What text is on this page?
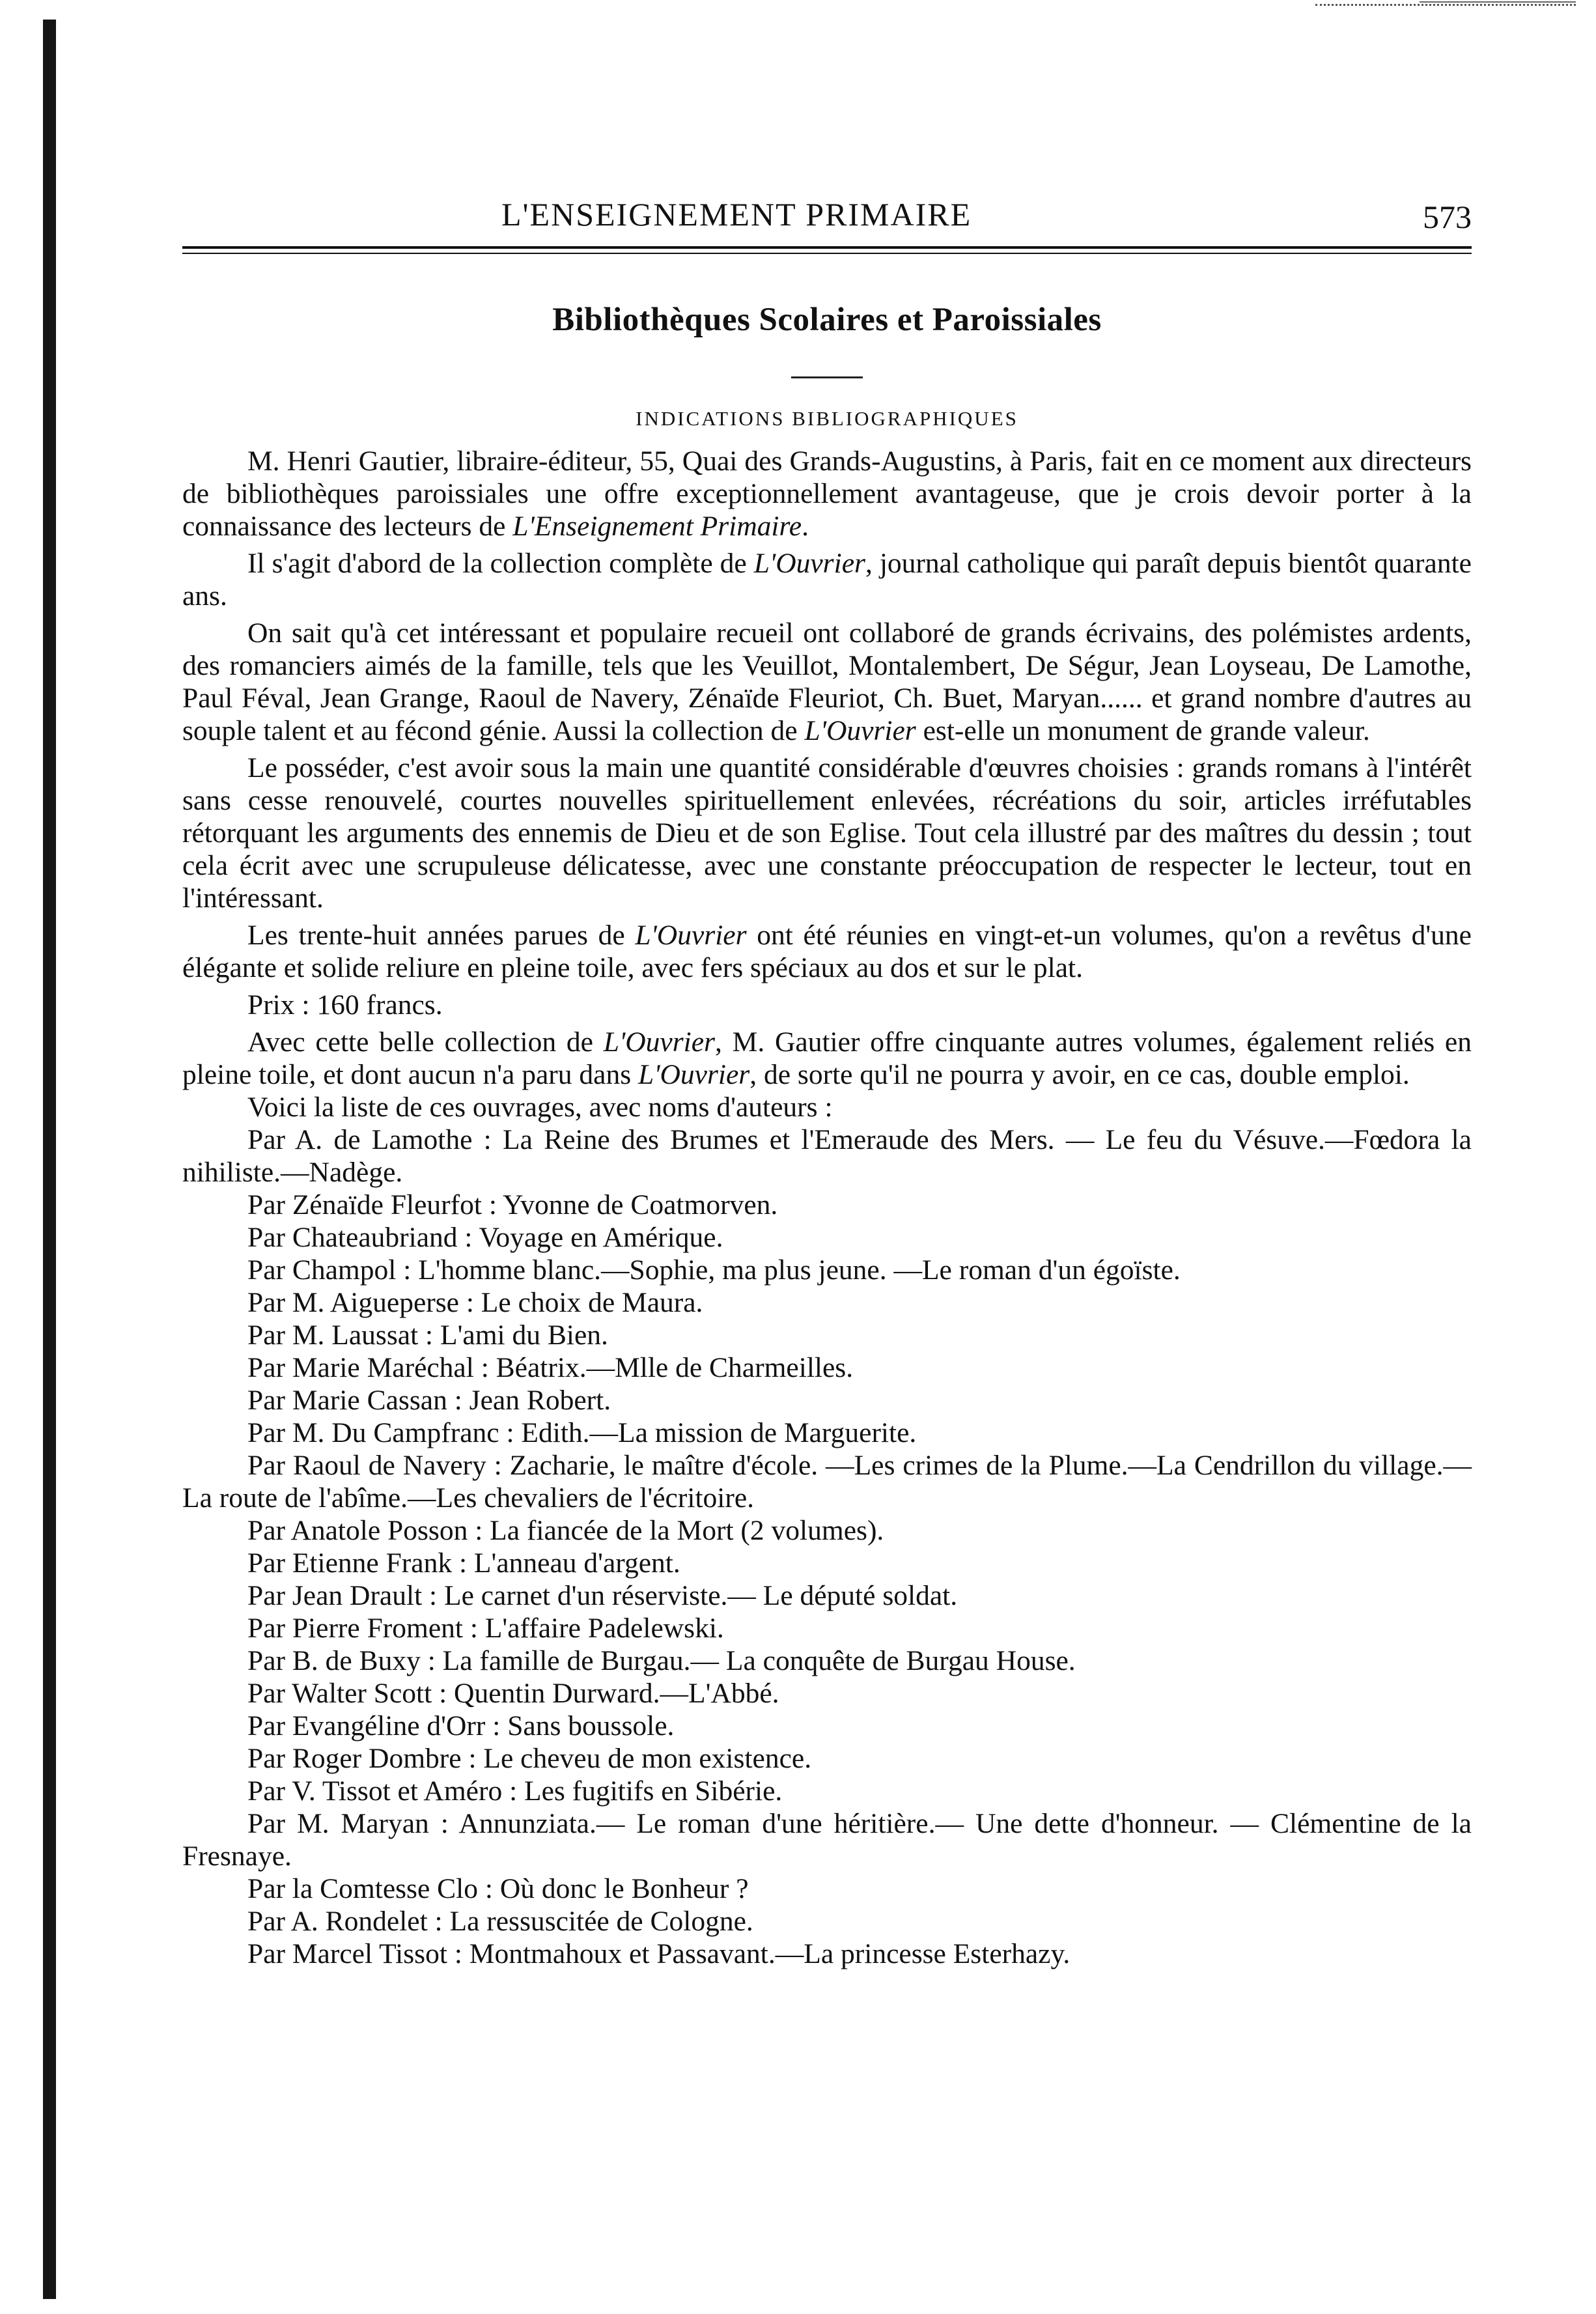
L'ENSEIGNEMENT PRIMAIRE	573
Bibliothèques Scolaires et Paroissiales
INDICATIONS BIBLIOGRAPHIQUES

M. Henri Gautier, libraire-éditeur, 55, Quai des Grands-Augustins, à Paris, fait en ce moment aux directeurs de bibliothèques paroissiales une offre exceptionnellement avantageuse, que je crois devoir porter à la connaissance des lecteurs de L'Enseignement Primaire.

Il s'agit d'abord de la collection complète de L'Ouvrier, journal catholique qui paraît depuis bientôt quarante ans.

On sait qu'à cet intéressant et populaire recueil ont collaboré de grands écrivains, des polémistes ardents, des romanciers aimés de la famille, tels que les Veuillot, Montalembert, De Ségur, Jean Loyseau, De Lamothe, Paul Féval, Jean Grange, Raoul de Navery, Zénaïde Fleuriot, Ch. Buet, Maryan...... et grand nombre d'autres au souple talent et au fécond génie. Aussi la collection de L'Ouvrier est-elle un monument de grande valeur.

Le posséder, c'est avoir sous la main une quantité considérable d'œuvres choisies : grands romans à l'intérêt sans cesse renouvelé, courtes nouvelles spirituellement enlevées, récréations du soir, articles irréfutables rétorquant les arguments des ennemis de Dieu et de son Eglise. Tout cela illustré par des maîtres du dessin ; tout cela écrit avec une scrupuleuse délicatesse, avec une constante préoccupation de respecter le lecteur, tout en l'intéressant.

Les trente-huit années parues de L'Ouvrier ont été réunies en vingt-et-un volumes, qu'on a revêtus d'une élégante et solide reliure en pleine toile, avec fers spéciaux au dos et sur le plat.

Prix : 160 francs.

Avec cette belle collection de L'Ouvrier, M. Gautier offre cinquante autres volumes, également reliés en pleine toile, et dont aucun n'a paru dans L'Ouvrier, de sorte qu'il ne pourra y avoir, en ce cas, double emploi.

Voici la liste de ces ouvrages, avec noms d'auteurs :

Par A. de Lamothe : La Reine des Brumes et l'Emeraude des Mers. — Le feu du Vésuve.—Fœdora la nihiliste.—Nadège.
Par Zénaïde Fleurfot : Yvonne de Coatmorven.
Par Chateaubriand : Voyage en Amérique.
Par Champol : L'homme blanc.—Sophie, ma plus jeune. —Le roman d'un égoïste.
Par M. Aigueperse : Le choix de Maura.
Par M. Laussat : L'ami du Bien.
Par Marie Maréchal : Béatrix.—Mlle de Charmeilles.
Par Marie Cassan : Jean Robert.
Par M. Du Campfranc : Edith.—La mission de Marguerite.
Par Raoul de Navery : Zacharie, le maître d'école. —Les crimes de la Plume.—La Cendrillon du village.—La route de l'abîme.—Les chevaliers de l'écritoire.
Par Anatole Posson : La fiancée de la Mort (2 volumes).
Par Etienne Frank : L'anneau d'argent.
Par Jean Drault : Le carnet d'un réserviste.— Le député soldat.
Par Pierre Froment : L'affaire Padelewski.
Par B. de Buxy : La famille de Burgau.— La conquête de Burgau House.
Par Walter Scott : Quentin Durward.—L'Abbé.
Par Evangéline d'Orr : Sans boussole.
Par Roger Dombre : Le cheveu de mon existence.
Par V. Tissot et Améro : Les fugitifs en Sibérie.
Par M. Maryan : Annunziata.— Le roman d'une héritière.— Une dette d'honneur. — Clémentine de la Fresnaye.
Par la Comtesse Clo : Où donc le Bonheur ?
Par A. Rondelet : La ressuscitée de Cologne.
Par Marcel Tissot : Montmahoux et Passavant.—La princesse Esterhazy.
